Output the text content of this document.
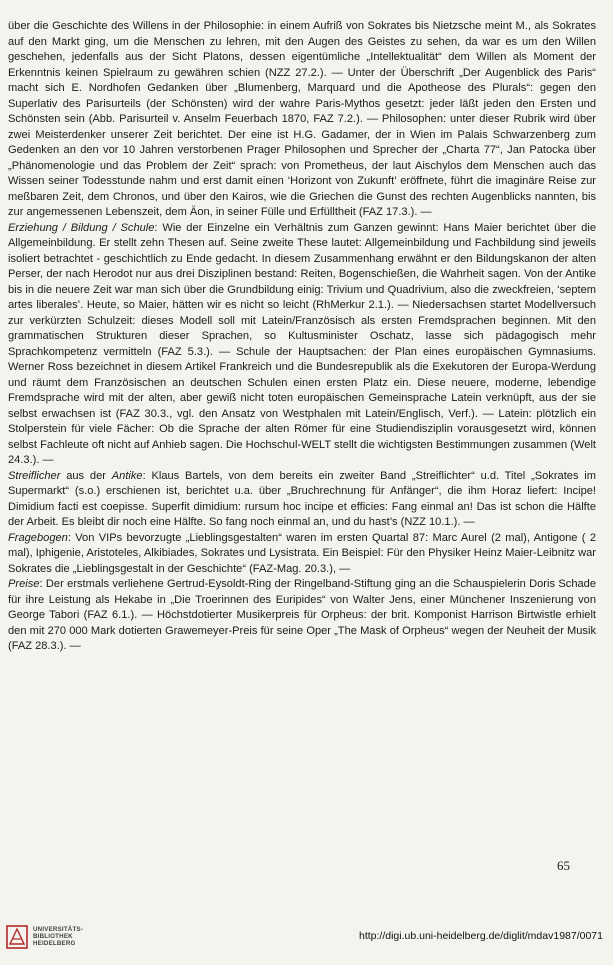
über die Geschichte des Willens in der Philosophie: in einem Aufriß von Sokrates bis Nietzsche meint M., als Sokrates auf den Markt ging, um die Menschen zu lehren, mit den Augen des Geistes zu sehen, da war es um den Willen geschehen, jedenfalls aus der Sicht Platons, dessen eigentümliche „Intellektualität“ dem Willen als Moment der Erkenntnis keinen Spielraum zu gewähren schien (NZZ 27.2.). — Unter der Überschrift „Der Augenblick des Paris“ macht sich E. Nordhofen Gedanken über „Blumenberg, Marquard und die Apotheose des Plurals“: gegen den Superlativ des Parisurteils (der Schönsten) wird der wahre Paris-Mythos gesetzt: jeder läßt jeden den Ersten und Schönsten sein (Abb. Parisurteil v. Anselm Feuerbach 1870, FAZ 7.2.). — Philosophen: unter dieser Rubrik wird über zwei Meisterdenker unserer Zeit berichtet. Der eine ist H.G. Gadamer, der in Wien im Palais Schwarzenberg zum Gedenken an den vor 10 Jahren verstorbenen Prager Philosophen und Sprecher der „Charta 77“, Jan Patocka über „Phänomenologie und das Problem der Zeit“ sprach: von Prometheus, der laut Aischylos dem Menschen auch das Wissen seiner Todesstunde nahm und erst damit einen ‘Horizont von Zukunft’ eröffnete, führt die imaginäre Reise zur meßbaren Zeit, dem Chronos, und über den Kairos, wie die Griechen die Gunst des rechten Augenblicks nannten, bis zur angemessenen Lebenszeit, dem Äon, in seiner Fülle und Erfülltheit (FAZ 17.3.). —

Erziehung / Bildung / Schule: Wie der Einzelne ein Verhältnis zum Ganzen gewinnt: Hans Maier berichtet über die Allgemeinbildung. Er stellt zehn Thesen auf. Seine zweite These lautet: Allgemeinbildung und Fachbildung sind jeweils isoliert betrachtet - geschichtlich zu Ende gedacht. In diesem Zusammenhang erwähnt er den Bildungskanon der alten Perser, der nach Herodot nur aus drei Disziplinen bestand: Reiten, Bogenschießen, die Wahrheit sagen. Von der Antike bis in die neuere Zeit war man sich über die Grundbildung einig: Trivium und Quadrivium, also die zweckfreien, ‘septem artes liberales’. Heute, so Maier, hätten wir es nicht so leicht (RhMerkur 2.1.). — Niedersachsen startet Modellversuch zur verkürzten Schulzeit: dieses Modell soll mit Latein/Französisch als ersten Fremdsprachen beginnen. Mit den grammatischen Strukturen dieser Sprachen, so Kultusminister Oschatz, lasse sich pädagogisch mehr Sprachkompetenz vermitteln (FAZ 5.3.). — Schule der Hauptsachen: der Plan eines europäischen Gymnasiums. Werner Ross bezeichnet in diesem Artikel Frankreich und die Bundesrepublik als die Exekutoren der Europa-Werdung und räumt dem Französischen an deutschen Schulen einen ersten Platz ein. Diese neuere, moderne, lebendige Fremdsprache wird mit der alten, aber gewiß nicht toten europäischen Gemeinsprache Latein verknüpft, aus der sie selbst erwachsen ist (FAZ 30.3., vgl. den Ansatz von Westphalen mit Latein/Englisch, Verf.). — Latein: plötzlich ein Stolperstein für viele Fächer: Ob die Sprache der alten Römer für eine Studiendisziplin vorausgesetzt wird, können selbst Fachleute oft nicht auf Anhieb sagen. Die Hochschul-WELT stellt die wichtigsten Bestimmungen zusammen (Welt 24.3.). —

Streiflicher aus der Antike: Klaus Bartels, von dem bereits ein zweiter Band „Streiflichter“ u.d. Titel „Sokrates im Supermarkt“ (s.o.) erschienen ist, berichtet u.a. über „Bruchrechnung für Anfänger“, die ihm Horaz liefert: Incipe! Dimidium facti est coepisse. Superfit dimidium: rursum hoc incipe et efficies: Fang einmal an! Das ist schon die Hälfte der Arbeit. Es bleibt dir noch eine Hälfte. So fang noch einmal an, und du hast’s (NZZ 10.1.). —

Fragebogen: Von VIPs bevorzugte „Lieblingsgestalten“ waren im ersten Quartal 87: Marc Aurel (2 mal), Antigone ( 2 mal), Iphigenie, Aristoteles, Alkibiades, Sokrates und Lysistrata. Ein Beispiel: Für den Physiker Heinz Maier-Leibnitz war Sokrates die „Lieblingsgestalt in der Geschichte“ (FAZ-Mag. 20.3.), —

Preise: Der erstmals verliehene Gertrud-Eysoldt-Ring der Ringelband-Stiftung ging an die Schauspielerin Doris Schade für ihre Leistung als Hekabe in „Die Troerinnen des Euripides“ von Walter Jens, einer Münchener Inszenierung von George Tabori (FAZ 6.1.). — Höchstdotierter Musikerpreis für Orpheus: der brit. Komponist Harrison Birtwistle erhielt den mit 270 000 Mark dotierten Grawemeyer-Preis für seine Oper „The Mask of Orpheus“ wegen der Neuheit der Musik (FAZ 28.3.). —

65
UNIVERSITÄTS-
BIBLIOTHEK
HEIDELBERG
http://digi.ub.uni-heidelberg.de/diglit/mdav1987/0071
